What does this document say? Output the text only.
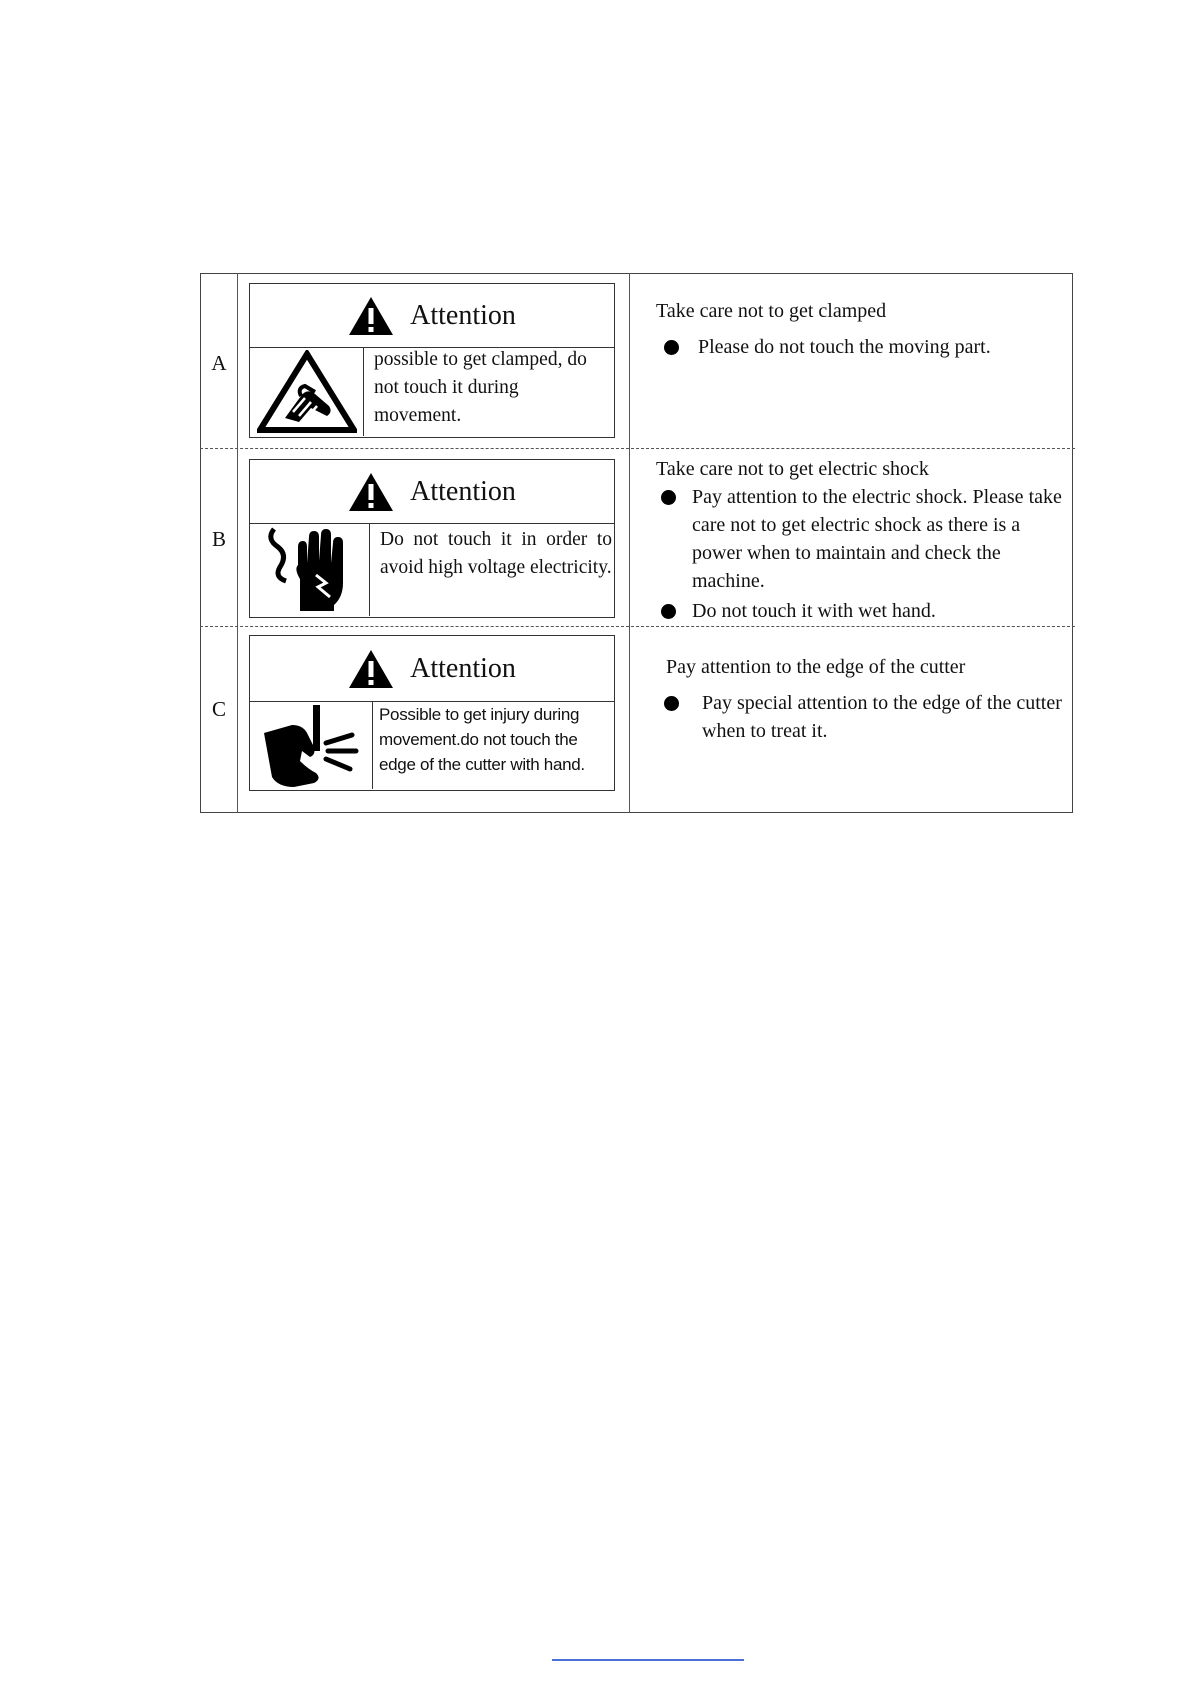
A
Attention
possible to get clamped, do not touch it during movement.

Take care not to get clamped

Please do not touch the moving part.
B
Attention
Do not touch it in order to avoid high voltage electricity.

Take care not to get electric shock

Pay attention to the electric shock. Please take care not to get electric shock as there is a power when to maintain and check the machine.
Do not touch it with wet hand.
C
Attention
Possible to get injury during movement.do not touch the edge of the cutter with hand.

Pay attention to the edge of the cutter

Pay special attention to the edge of the cutter when to treat it.
